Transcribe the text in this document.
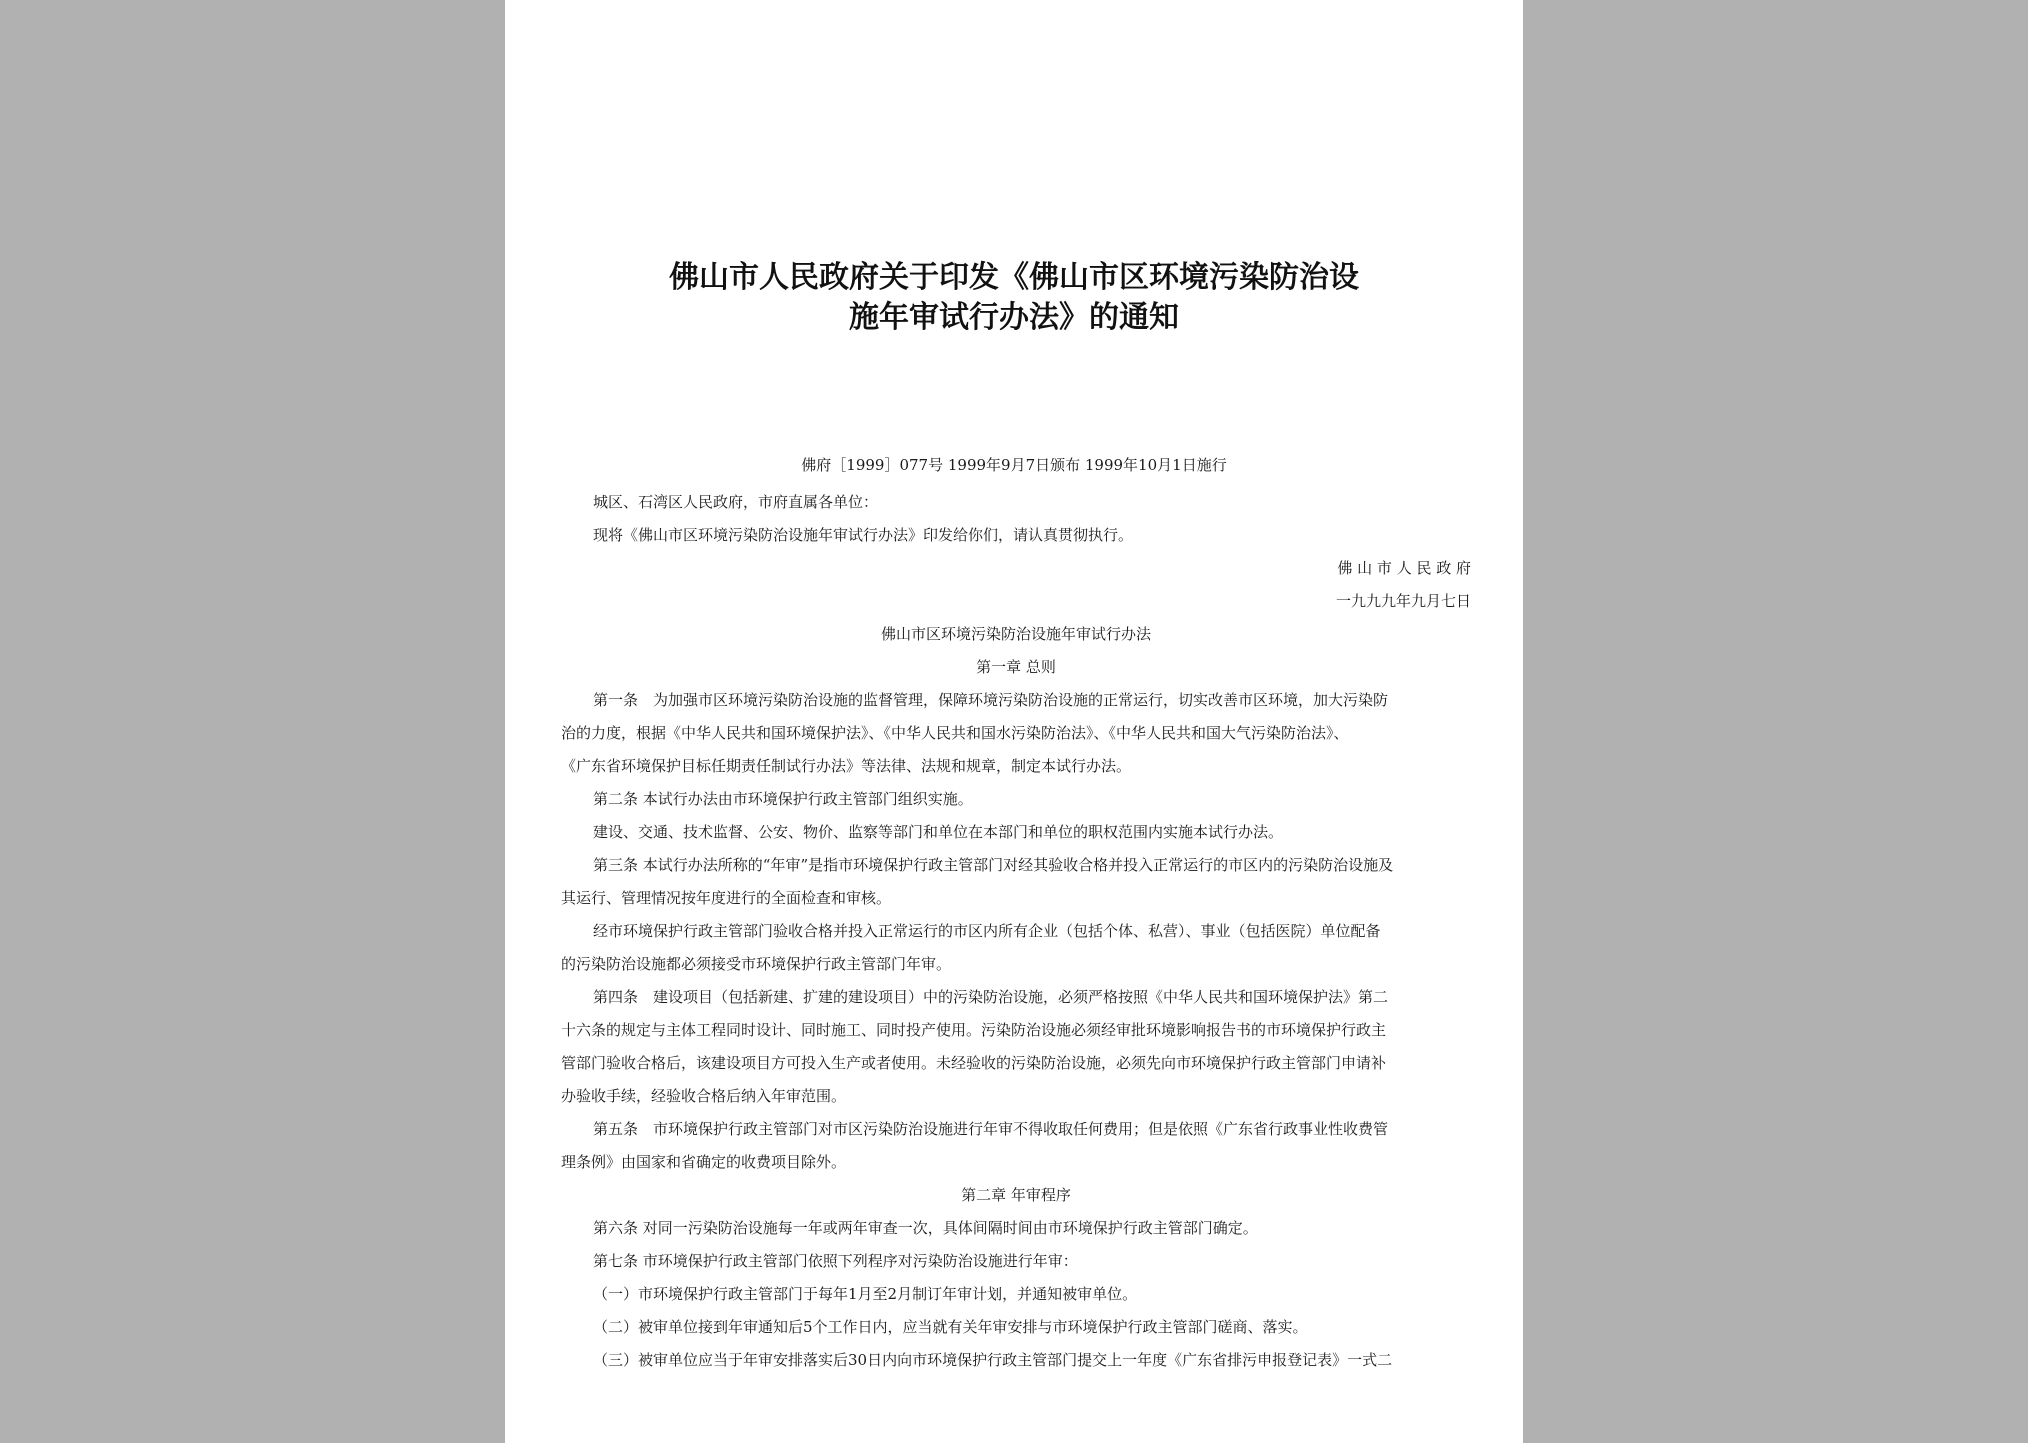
佛山市人民政府关于印发《佛山市区环境污染防治设
施年审试行办法》的通知
佛府［1999］077号 1999年9月7日颁布 1999年10月1日施行

城区、石湾区人民政府，市府直属各单位：

现将《佛山市区环境污染防治设施年审试行办法》印发给你们，请认真贯彻执行。

佛 山 市 人 民 政 府

一九九九年九月七日

佛山市区环境污染防治设施年审试行办法

第一章 总则

第一条　为加强市区环境污染防治设施的监督管理，保障环境污染防治设施的正常运行，切实改善市区环境，加大污染防

治的力度，根据《中华人民共和国环境保护法》、《中华人民共和国水污染防治法》、《中华人民共和国大气污染防治法》、

《广东省环境保护目标任期责任制试行办法》等法律、法规和规章，制定本试行办法。

第二条 本试行办法由市环境保护行政主管部门组织实施。

建设、交通、技术监督、公安、物价、监察等部门和单位在本部门和单位的职权范围内实施本试行办法。

第三条 本试行办法所称的“年审”是指市环境保护行政主管部门对经其验收合格并投入正常运行的市区内的污染防治设施及

其运行、管理情况按年度进行的全面检查和审核。

经市环境保护行政主管部门验收合格并投入正常运行的市区内所有企业（包括个体、私营）、事业（包括医院）单位配备

的污染防治设施都必须接受市环境保护行政主管部门年审。

第四条　建设项目（包括新建、扩建的建设项目）中的污染防治设施，必须严格按照《中华人民共和国环境保护法》第二

十六条的规定与主体工程同时设计、同时施工、同时投产使用。污染防治设施必须经审批环境影响报告书的市环境保护行政主

管部门验收合格后，该建设项目方可投入生产或者使用。未经验收的污染防治设施，必须先向市环境保护行政主管部门申请补

办验收手续，经验收合格后纳入年审范围。

第五条　市环境保护行政主管部门对市区污染防治设施进行年审不得收取任何费用；但是依照《广东省行政事业性收费管

理条例》由国家和省确定的收费项目除外。

第二章 年审程序

第六条 对同一污染防治设施每一年或两年审查一次，具体间隔时间由市环境保护行政主管部门确定。

第七条 市环境保护行政主管部门依照下列程序对污染防治设施进行年审：

（一）市环境保护行政主管部门于每年1月至2月制订年审计划，并通知被审单位。

（二）被审单位接到年审通知后5个工作日内，应当就有关年审安排与市环境保护行政主管部门磋商、落实。

（三）被审单位应当于年审安排落实后30日内向市环境保护行政主管部门提交上一年度《广东省排污申报登记表》一式二
